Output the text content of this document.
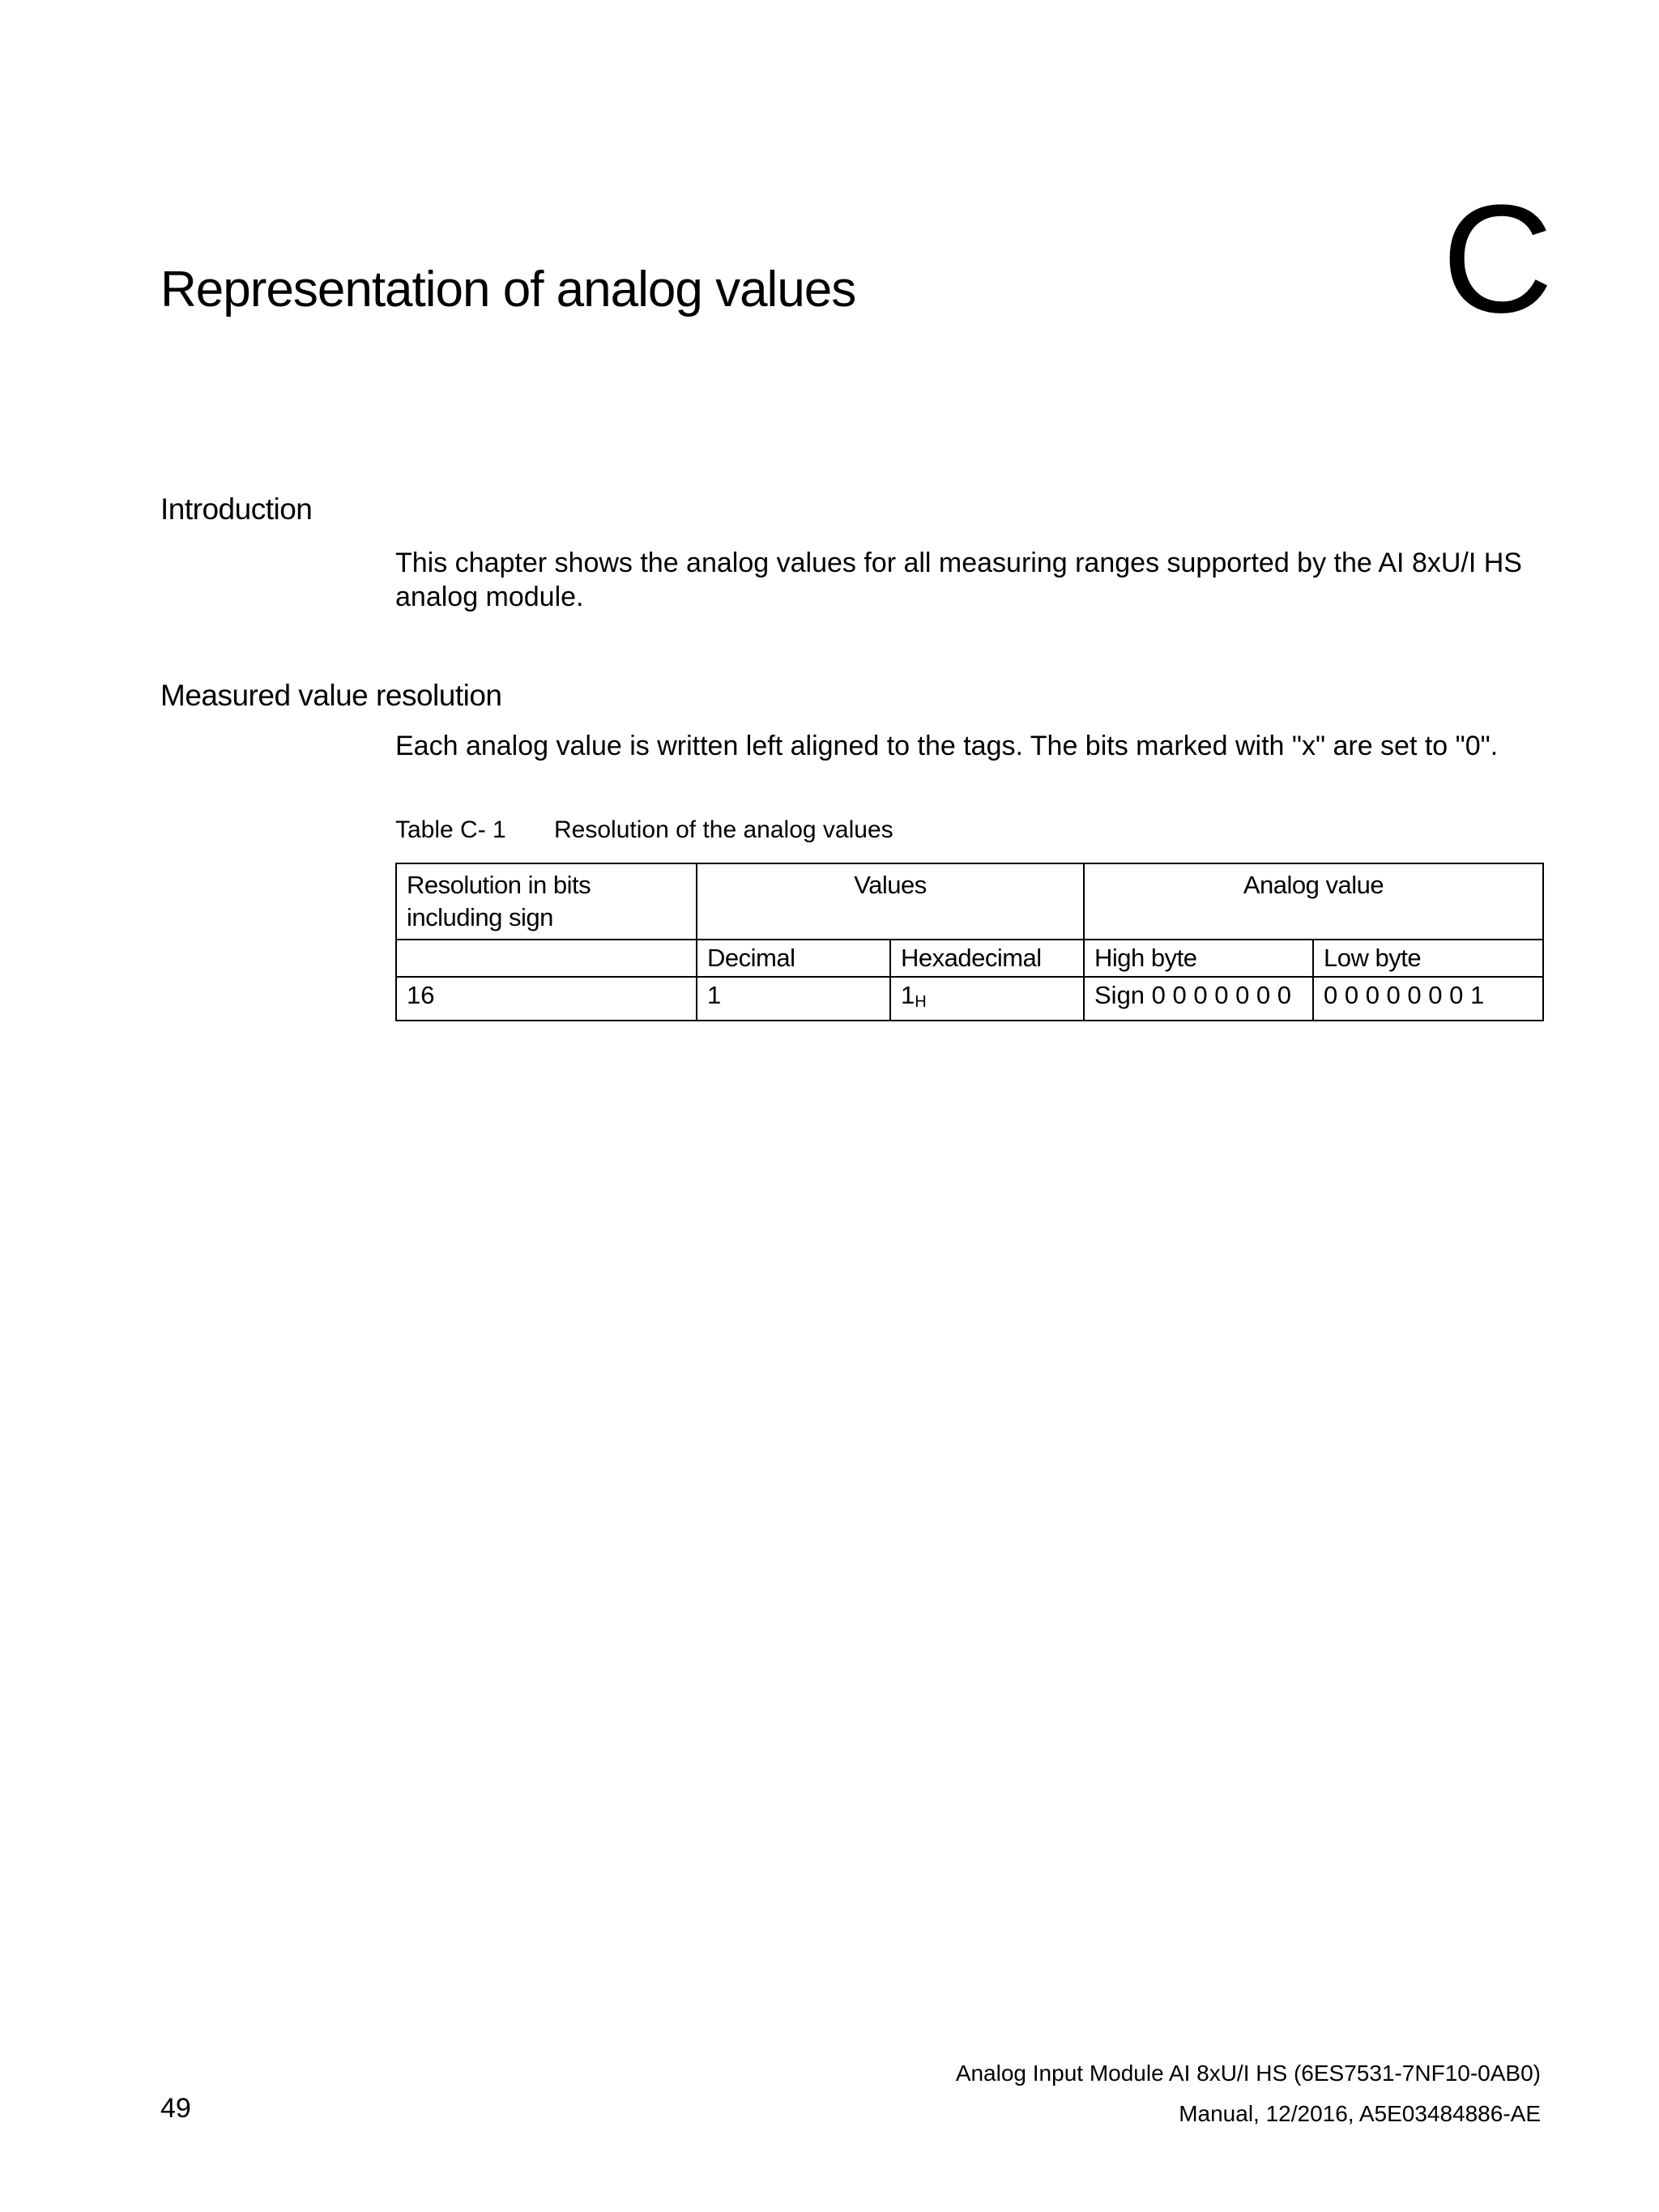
Representation of analog values	C
Introduction
This chapter shows the analog values for all measuring ranges supported by the AI 8xU/I HS analog module.
Measured value resolution
Each analog value is written left aligned to the tags. The bits marked with "x" are set to "0".
Table C- 1 Resolution of the analog values
Resolution in bits including sign	Values		Analog value	
	Decimal	Hexadecimal	High byte	Low byte
16	1	$1_H$	Sign 0 0 0 0 0 0 0	0 0 0 0 0 0 0 1
49
Analog Input Module AI 8xU/I HS (6ES7531-7NF10-0AB0)
Manual, 12/2016, A5E03484886-AE
